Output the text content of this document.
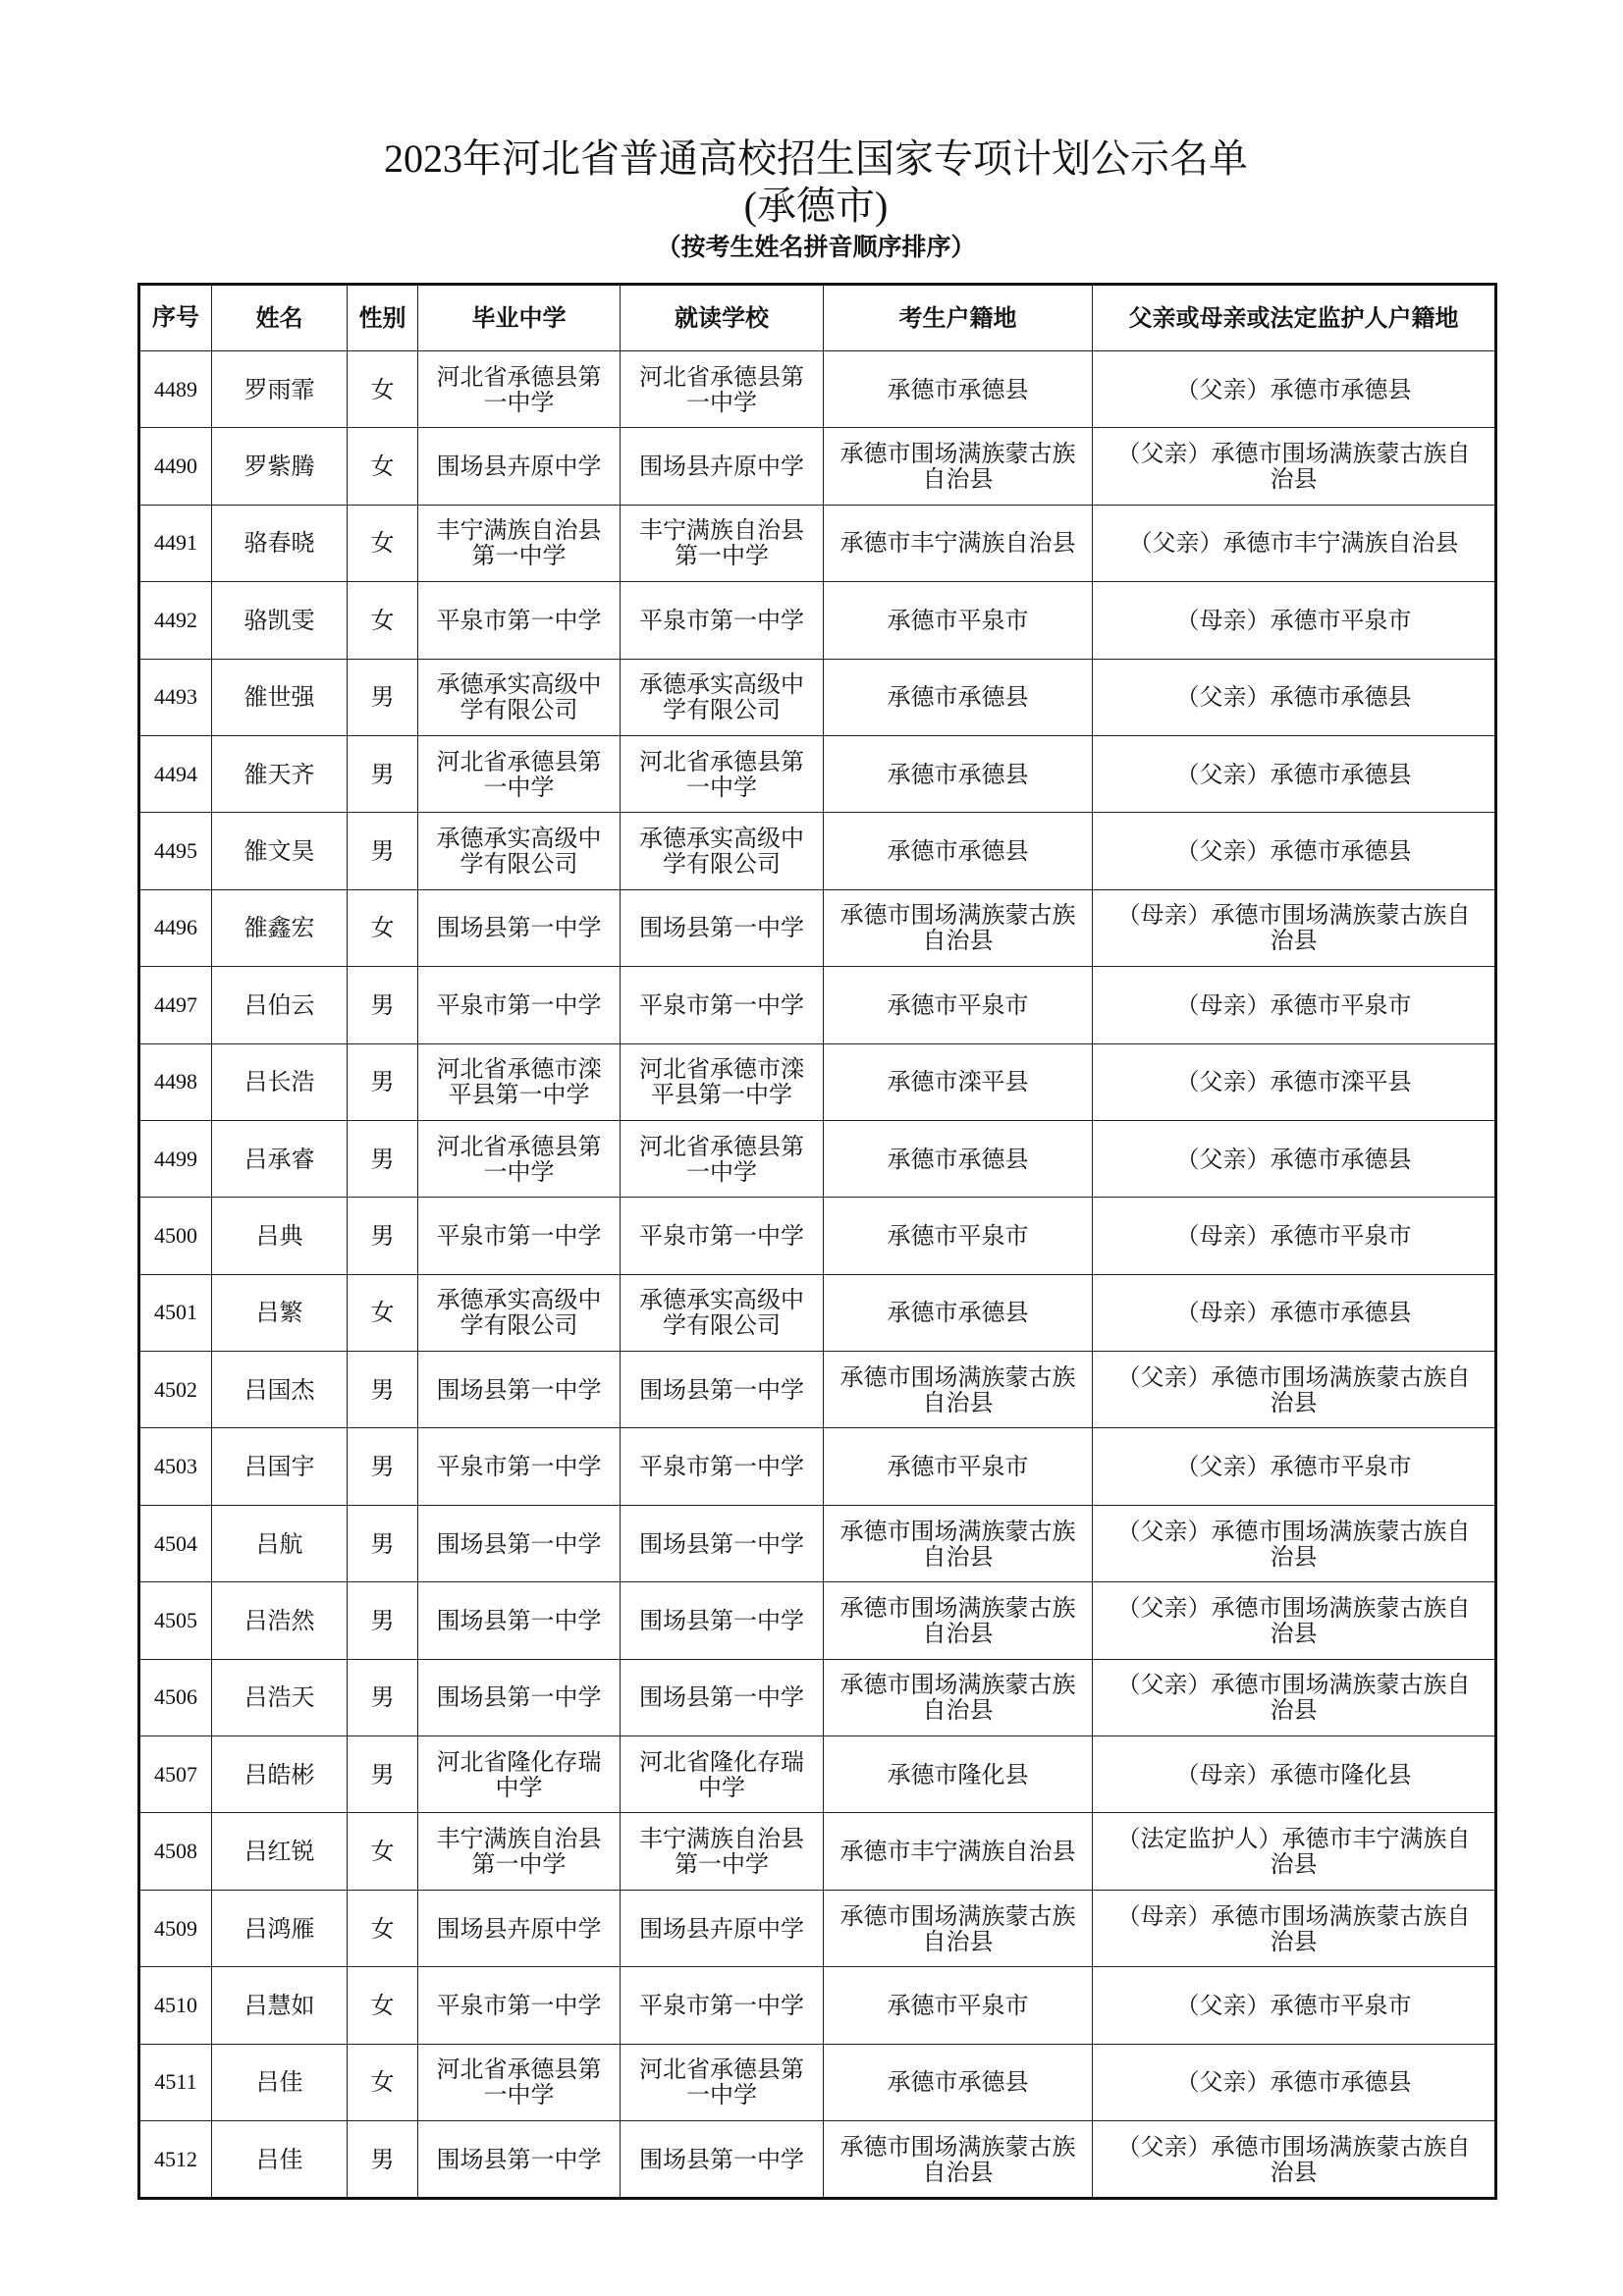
2023年河北省普通高校招生国家专项计划公示名单
(承德市)
（按考生姓名拼音顺序排序）
序号	姓名	性别	毕业中学	就读学校	考生户籍地	父亲或母亲或法定监护人户籍地
4489	罗雨霏	女	河北省承德县第一中学	河北省承德县第一中学	承德市承德县	（父亲）承德市承德县
4490	罗紫腾	女	围场县卉原中学	围场县卉原中学	承德市围场满族蒙古族自治县	（父亲）承德市围场满族蒙古族自治县
4491	骆春晓	女	丰宁满族自治县第一中学	丰宁满族自治县第一中学	承德市丰宁满族自治县	（父亲）承德市丰宁满族自治县
4492	骆凯雯	女	平泉市第一中学	平泉市第一中学	承德市平泉市	（母亲）承德市平泉市
4493	雒世强	男	承德承实高级中学有限公司	承德承实高级中学有限公司	承德市承德县	（父亲）承德市承德县
4494	雒天齐	男	河北省承德县第一中学	河北省承德县第一中学	承德市承德县	（父亲）承德市承德县
4495	雒文昊	男	承德承实高级中学有限公司	承德承实高级中学有限公司	承德市承德县	（父亲）承德市承德县
4496	雒鑫宏	女	围场县第一中学	围场县第一中学	承德市围场满族蒙古族自治县	（母亲）承德市围场满族蒙古族自治县
4497	吕伯云	男	平泉市第一中学	平泉市第一中学	承德市平泉市	（母亲）承德市平泉市
4498	吕长浩	男	河北省承德市滦平县第一中学	河北省承德市滦平县第一中学	承德市滦平县	（父亲）承德市滦平县
4499	吕承睿	男	河北省承德县第一中学	河北省承德县第一中学	承德市承德县	（父亲）承德市承德县
4500	吕典	男	平泉市第一中学	平泉市第一中学	承德市平泉市	（母亲）承德市平泉市
4501	吕繁	女	承德承实高级中学有限公司	承德承实高级中学有限公司	承德市承德县	（母亲）承德市承德县
4502	吕国杰	男	围场县第一中学	围场县第一中学	承德市围场满族蒙古族自治县	（父亲）承德市围场满族蒙古族自治县
4503	吕国宇	男	平泉市第一中学	平泉市第一中学	承德市平泉市	（父亲）承德市平泉市
4504	吕航	男	围场县第一中学	围场县第一中学	承德市围场满族蒙古族自治县	（父亲）承德市围场满族蒙古族自治县
4505	吕浩然	男	围场县第一中学	围场县第一中学	承德市围场满族蒙古族自治县	（父亲）承德市围场满族蒙古族自治县
4506	吕浩天	男	围场县第一中学	围场县第一中学	承德市围场满族蒙古族自治县	（父亲）承德市围场满族蒙古族自治县
4507	吕皓彬	男	河北省隆化存瑞中学	河北省隆化存瑞中学	承德市隆化县	（母亲）承德市隆化县
4508	吕红锐	女	丰宁满族自治县第一中学	丰宁满族自治县第一中学	承德市丰宁满族自治县	（法定监护人）承德市丰宁满族自治县
4509	吕鸿雁	女	围场县卉原中学	围场县卉原中学	承德市围场满族蒙古族自治县	（母亲）承德市围场满族蒙古族自治县
4510	吕慧如	女	平泉市第一中学	平泉市第一中学	承德市平泉市	（父亲）承德市平泉市
4511	吕佳	女	河北省承德县第一中学	河北省承德县第一中学	承德市承德县	（父亲）承德市承德县
4512	吕佳	男	围场县第一中学	围场县第一中学	承德市围场满族蒙古族自治县	（父亲）承德市围场满族蒙古族自治县
